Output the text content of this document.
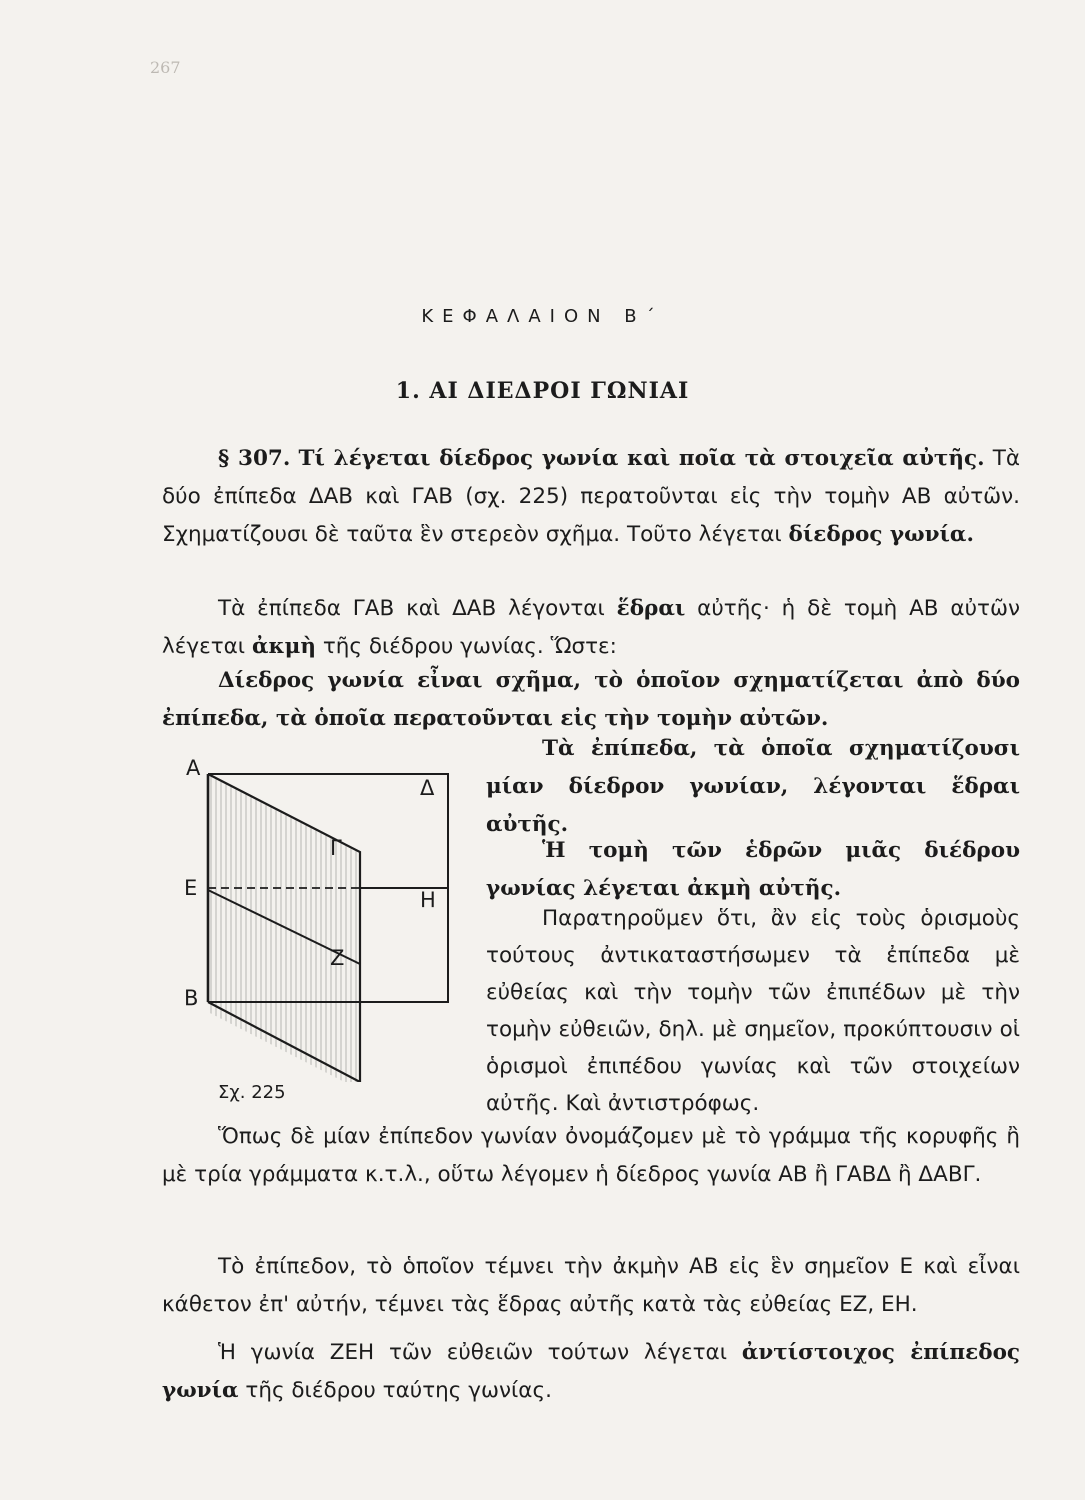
267
ΚΕΦΑΛΑΙΟΝ Β΄
1. ΑΙ ΔΙΕΔΡΟΙ ΓΩΝΙΑΙ
§ 307. Τί λέγεται δίεδρος γωνία καὶ ποῖα τὰ στοιχεῖα αὐτῆς. Τὰ δύο ἐπίπεδα ΔΑΒ καὶ ΓΑΒ (σχ. 225) περατοῦνται εἰς τὴν τομὴν ΑΒ αὐτῶν. Σχηματίζουσι δὲ ταῦτα ἓν στερεὸν σχῆμα. Τοῦτο λέγεται δίεδρος γωνία.
Τὰ ἐπίπεδα ΓΑΒ καὶ ΔΑΒ λέγονται ἕδραι αὐτῆς· ἡ δὲ τομὴ ΑΒ αὐτῶν λέγεται ἀκμὴ τῆς διέδρου γωνίας. Ὥστε:
Δίεδρος γωνία εἶναι σχῆμα, τὸ ὁποῖον σχηματίζεται ἀπὸ δύο ἐπίπεδα, τὰ ὁποῖα περατοῦνται εἰς τὴν τομὴν αὐτῶν.
Α
Δ
Γ
Ε	Η
Ζ
Β
Σχ. 225
Τὰ ἐπίπεδα, τὰ ὁποῖα σχηματίζουσι μίαν δίεδρον γωνίαν, λέγονται ἕδραι αὐτῆς.
Ἡ τομὴ τῶν ἑδρῶν μιᾶς διέδρου γωνίας λέγεται ἀκμὴ αὐτῆς.
Παρατηροῦμεν ὅτι, ἂν εἰς τοὺς ὁρισμοὺς τούτους ἀντικαταστήσωμεν τὰ ἐπίπεδα μὲ εὐθείας καὶ τὴν τομὴν τῶν ἐπιπέδων μὲ τὴν τομὴν εὐθειῶν, δηλ. μὲ σημεῖον, προκύπτουσιν οἱ ὁρισμοὶ ἐπιπέδου γωνίας καὶ τῶν στοιχείων αὐτῆς. Καὶ ἀντιστρόφως.
Ὅπως δὲ μίαν ἐπίπεδον γωνίαν ὀνομάζομεν μὲ τὸ γράμμα τῆς κορυφῆς ἢ μὲ τρία γράμματα κ.τ.λ., οὕτω λέγομεν ἡ δίεδρος γωνία ΑΒ ἢ ΓΑΒΔ ἢ ΔΑΒΓ.
Τὸ ἐπίπεδον, τὸ ὁποῖον τέμνει τὴν ἀκμὴν ΑΒ εἰς ἓν σημεῖον Ε καὶ εἶναι κάθετον ἐπ' αὐτήν, τέμνει τὰς ἕδρας αὐτῆς κατὰ τὰς εὐθείας ΕΖ, ΕΗ.
Ἡ γωνία ΖΕΗ τῶν εὐθειῶν τούτων λέγεται ἀντίστοιχος ἐπίπεδος γωνία τῆς διέδρου ταύτης γωνίας.
